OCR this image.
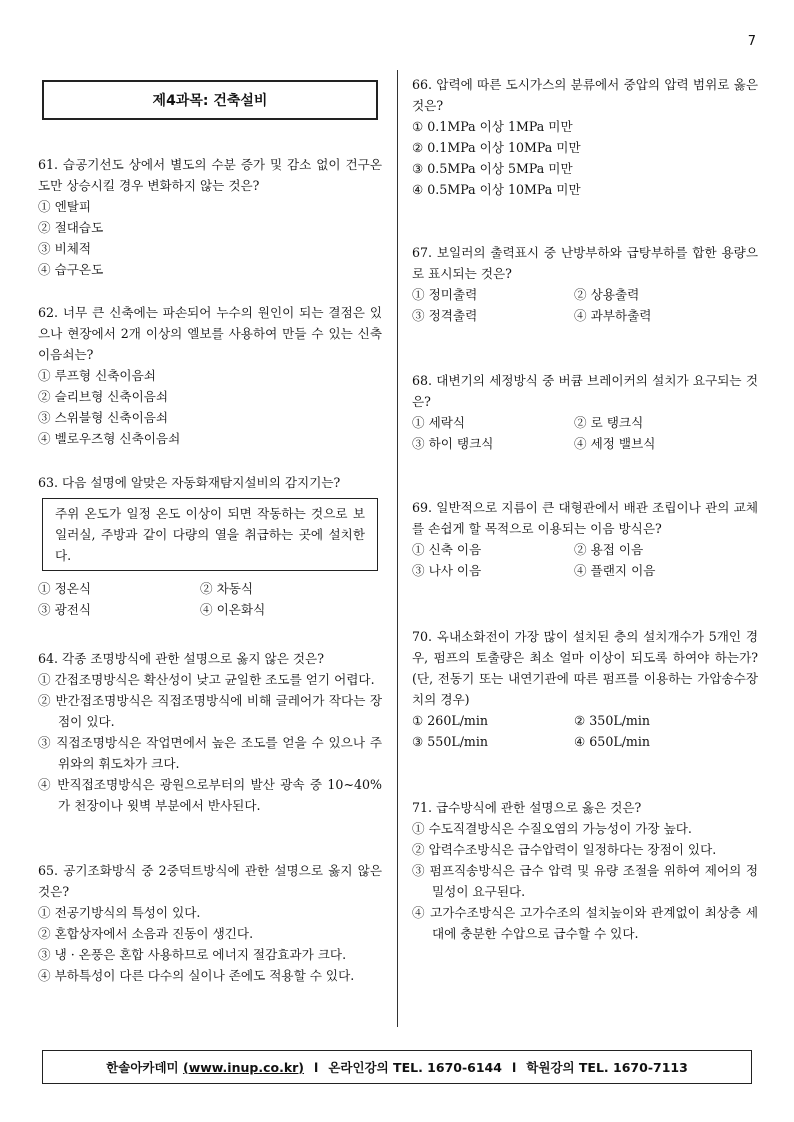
7
제4과목: 건축설비

61. 습공기선도 상에서 별도의 수분 증가 및 감소 없이 건구온도만 상승시킬 경우 변화하지 않는 것은?

① 엔탈피

② 절대습도

③ 비체적

④ 습구온도

62. 너무 큰 신축에는 파손되어 누수의 원인이 되는 결점은 있으나 현장에서 2개 이상의 엘보를 사용하여 만들 수 있는 신축이음쇠는?

① 루프형 신축이음쇠

② 슬리브형 신축이음쇠

③ 스위블형 신축이음쇠

④ 벨로우즈형 신축이음쇠

63. 다음 설명에 알맞은 자동화재탐지설비의 감지기는?

주위 온도가 일정 온도 이상이 되면 작동하는 것으로 보일러실, 주방과 같이 다량의 열을 취급하는 곳에 설치한다.
① 정온식	② 차동식
③ 광전식	④ 이온화식

64. 각종 조명방식에 관한 설명으로 옳지 않은 것은?

① 간접조명방식은 확산성이 낮고 균일한 조도를 얻기 어렵다.

② 반간접조명방식은 직접조명방식에 비해 글레어가 작다는 장점이 있다.

③ 직접조명방식은 작업면에서 높은 조도를 얻을 수 있으나 주위와의 휘도차가 크다.

④ 반직접조명방식은 광원으로부터의 발산 광속 중 10~40%가 천장이나 윗벽 부분에서 반사된다.

65. 공기조화방식 중 2중덕트방식에 관한 설명으로 옳지 않은 것은?

① 전공기방식의 특성이 있다.

② 혼합상자에서 소음과 진동이 생긴다.

③ 냉 · 온풍은 혼합 사용하므로 에너지 절감효과가 크다.

④ 부하특성이 다른 다수의 실이나 존에도 적용할 수 있다.

66. 압력에 따른 도시가스의 분류에서 중압의 압력 범위로 옳은 것은?

① 0.1MPa 이상 1MPa 미만

② 0.1MPa 이상 10MPa 미만

③ 0.5MPa 이상 5MPa 미만

④ 0.5MPa 이상 10MPa 미만

67. 보일러의 출력표시 중 난방부하와 급탕부하를 합한 용량으로 표시되는 것은?

① 정미출력	② 상용출력
③ 정격출력	④ 과부하출력

68. 대변기의 세정방식 중 버큠 브레이커의 설치가 요구되는 것은?

① 세락식	② 로 탱크식
③ 하이 탱크식	④ 세정 밸브식

69. 일반적으로 지름이 큰 대형관에서 배관 조립이나 관의 교체를 손쉽게 할 목적으로 이용되는 이음 방식은?

① 신축 이음	② 용접 이음
③ 나사 이음	④ 플랜지 이음

70. 옥내소화전이 가장 많이 설치된 층의 설치개수가 5개인 경우, 펌프의 토출량은 최소 얼마 이상이 되도록 하여야 하는가? (단, 전동기 또는 내연기관에 따른 펌프를 이용하는 가압송수장치의 경우)

① 260L/min	② 350L/min
③ 550L/min	④ 650L/min

71. 급수방식에 관한 설명으로 옳은 것은?

① 수도직결방식은 수질오염의 가능성이 가장 높다.

② 압력수조방식은 급수압력이 일정하다는 장점이 있다.

③ 펌프직송방식은 급수 압력 및 유량 조절을 위하여 제어의 정밀성이 요구된다.

④ 고가수조방식은 고가수조의 설치높이와 관계없이 최상층 세대에 충분한 수압으로 급수할 수 있다.

한솔아카데미
(www.inup.co.kr) l 온라인강의 TEL. 1670-6144 l 학원강의 TEL. 1670-7113
